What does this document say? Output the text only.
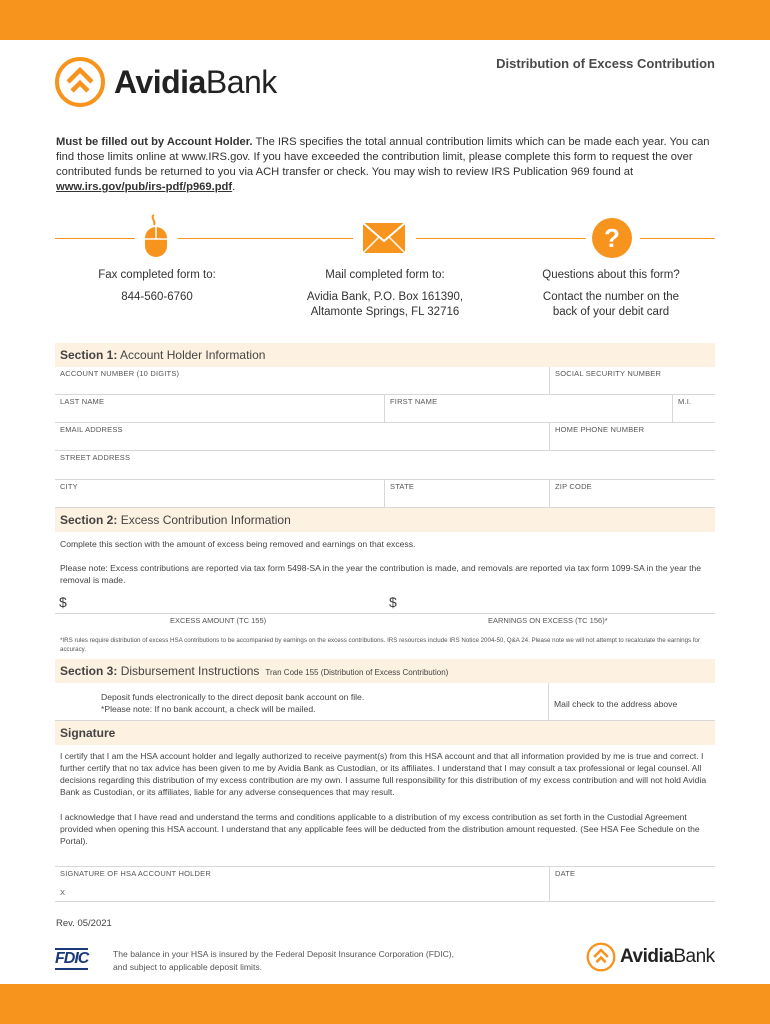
AvidiaBank	Distribution of Excess Contribution
Must be filled out by Account Holder. The IRS specifies the total annual contribution limits which can be made each year. You can find those limits online at www.IRS.gov. If you have exceeded the contribution limit, please complete this form to request the over contributed funds be returned to you via ACH transfer or check. You may wish to review IRS Publication 969 found at www.irs.gov/pub/irs-pdf/p969.pdf.
?
Fax completed form to:
844-560-6760
Mail completed form to:
Avidia Bank, P.O. Box 161390,
Altamonte Springs, FL 32716
Questions about this form?
Contact the number on the
back of your debit card
Section 1: Account Holder Information
ACCOUNT NUMBER (10 DIGITS)	SOCIAL SECURITY NUMBER
LAST NAME	FIRST NAME	M.I.
EMAIL ADDRESS	HOME PHONE NUMBER
STREET ADDRESS
CITY	STATE	ZIP CODE
Section 2: Excess Contribution Information
Complete this section with the amount of excess being removed and earnings on that excess.
Please note: Excess contributions are reported via tax form 5498-SA in the year the contribution is made, and removals are reported via tax form 1099-SA in the year the removal is made.
$	$
EXCESS AMOUNT (TC 155)	EARNINGS ON EXCESS (TC 156)*
*IRS rules require distribution of excess HSA contributions to be accompanied by earnings on the excess contributions. IRS resources include IRS Notice 2004-50, Q&A 24. Please note we will not attempt to recalculate the earnings for accuracy.
Section 3: Disbursement Instructions Tran Code 155 (Distribution of Excess Contribution)
Deposit funds electronically to the direct deposit bank account on file.
*Please note: If no bank account, a check will be mailed.	Mail check to the address above
Signature
I certify that I am the HSA account holder and legally authorized to receive payment(s) from this HSA account and that all information provided by me is true and correct. I further certify that no tax advice has been given to me by Avidia Bank as Custodian, or its affiliates. I understand that I may consult a tax professional or legal counsel. All decisions regarding this distribution of my excess contribution are my own. I assume full responsibility for this distribution of my excess contribution and will not hold Avidia Bank as Custodian, or its affiliates, liable for any adverse consequences that may result.
I acknowledge that I have read and understand the terms and conditions applicable to a distribution of my excess contribution as set forth in the Custodial Agreement provided when opening this HSA account. I understand that any applicable fees will be deducted from the distribution amount requested. (See HSA Fee Schedule on the Portal).
SIGNATURE OF HSA ACCOUNT HOLDER
X
DATE
Rev. 05/2021
FDIC	The balance in your HSA is insured by the Federal Deposit Insurance Corporation (FDIC),
and subject to applicable deposit limits.	AvidiaBank
